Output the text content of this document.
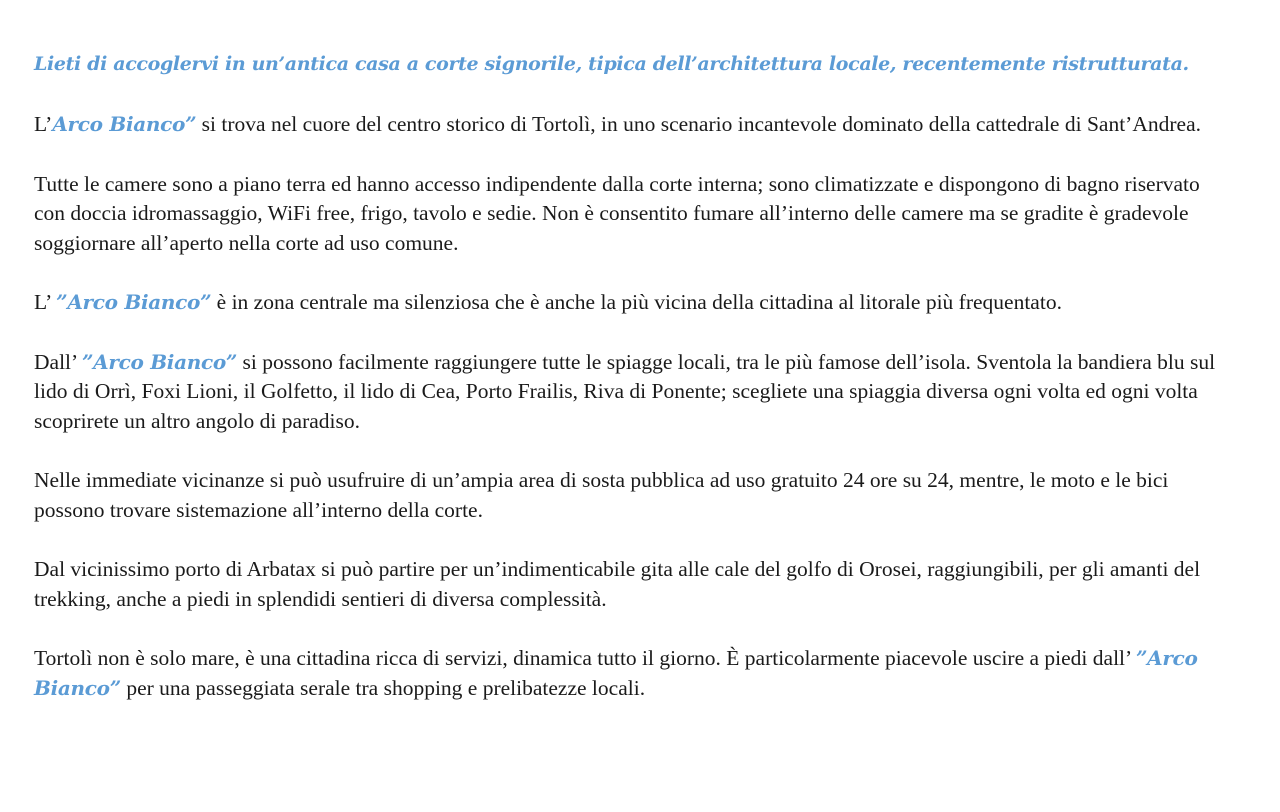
Lieti di accoglervi in un’antica casa a corte signorile, tipica dell’architettura locale, recentemente ristrutturata.

L’Arco Bianco” si trova nel cuore del centro storico di Tortolì, in uno scenario incantevole dominato della cattedrale di Sant’Andrea.

Tutte le camere sono a piano terra ed hanno accesso indipendente dalla corte interna; sono climatizzate e dispongono di bagno riservato con doccia idromassaggio, WiFi free, frigo, tavolo e sedie. Non è consentito fumare all’interno delle camere ma se gradite è gradevole soggiornare all’aperto nella corte ad uso comune.

L’ ”Arco Bianco” è in zona centrale ma silenziosa che è anche la più vicina della cittadina al litorale più frequentato.

Dall’ ”Arco Bianco” si possono facilmente raggiungere tutte le spiagge locali, tra le più famose dell’isola. Sventola la bandiera blu sul lido di Orrì, Foxi Lioni, il Golfetto, il lido di Cea, Porto Frailis, Riva di Ponente; scegliete una spiaggia diversa ogni volta ed ogni volta scoprirete un altro angolo di paradiso.

Nelle immediate vicinanze si può usufruire di un’ampia area di sosta pubblica ad uso gratuito 24 ore su 24, mentre, le moto e le bici possono trovare sistemazione all’interno della corte.

Dal vicinissimo porto di Arbatax si può partire per un’indimenticabile gita alle cale del golfo di Orosei, raggiungibili, per gli amanti del trekking, anche a piedi in splendidi sentieri di diversa complessità.

Tortolì non è solo mare, è una cittadina ricca di servizi, dinamica tutto il giorno. È particolarmente piacevole uscire a piedi dall’ ”Arco Bianco” per una passeggiata serale tra shopping e prelibatezze locali.
